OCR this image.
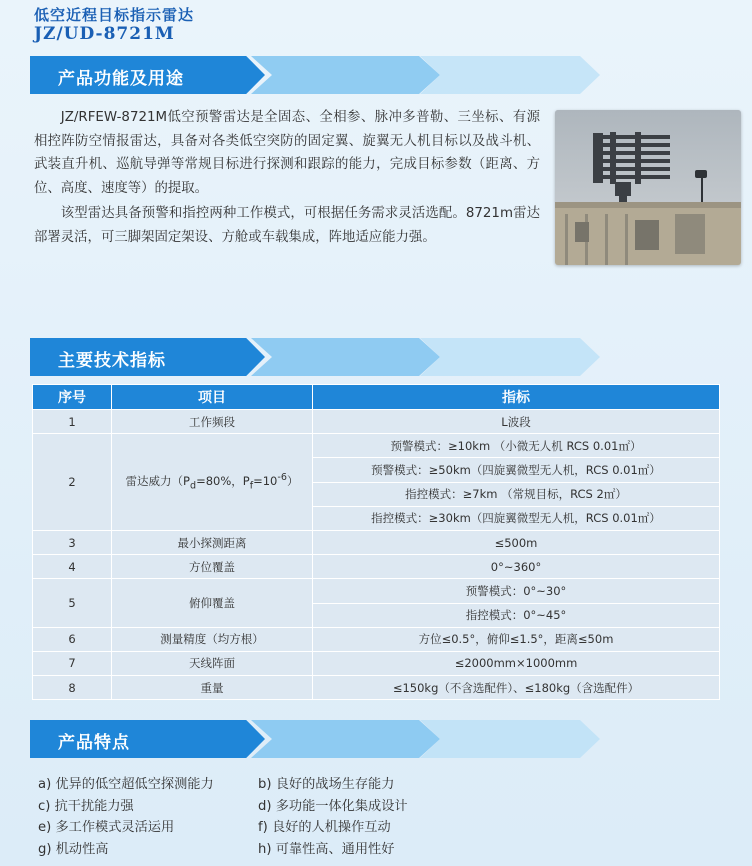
低空近程目标指示雷达
JZ/UD-8721M
产品功能及用途

JZ/RFEW-8721M低空预警雷达是全固态、全相参、脉冲多普勒、三坐标、有源相控阵防空情报雷达，具备对各类低空突防的固定翼、旋翼无人机目标以及战斗机、武装直升机、巡航导弹等常规目标进行探测和跟踪的能力，完成目标参数（距离、方位、高度、速度等）的提取。

该型雷达具备预警和指控两种工作模式，可根据任务需求灵活选配。8721m雷达部署灵活，可三脚架固定架设、方舱或车载集成，阵地适应能力强。

主要技术指标
序号	项目	指标
1	工作频段	L波段
2	雷达威力（$P_d=80\%$，$P_f=10^{-6}$）	预警模式：≥10km （小微无人机 RCS 0.01㎡）
		预警模式：≥50km（四旋翼微型无人机，RCS 0.01㎡）
		指控模式：≥7km （常规目标，RCS 2㎡）
		指控模式：≥30km（四旋翼微型无人机，RCS 0.01㎡）
3	最小探测距离	≤500m
4	方位覆盖	0°~360°
5	俯仰覆盖	预警模式：0°~30°
		指控模式：0°~45°
6	测量精度（均方根）	方位≤0.5°，俯仰≤1.5°，距离≤50m
7	天线阵面	≤2000mm×1000mm
8	重量	≤150kg（不含选配件）、≤180kg（含选配件）
产品特点
a) 优异的低空超低空探测能力
c) 抗干扰能力强
e) 多工作模式灵活运用
g) 机动性高
b) 良好的战场生存能力
d) 多功能一体化集成设计
f) 良好的人机操作互动
h) 可靠性高、通用性好
